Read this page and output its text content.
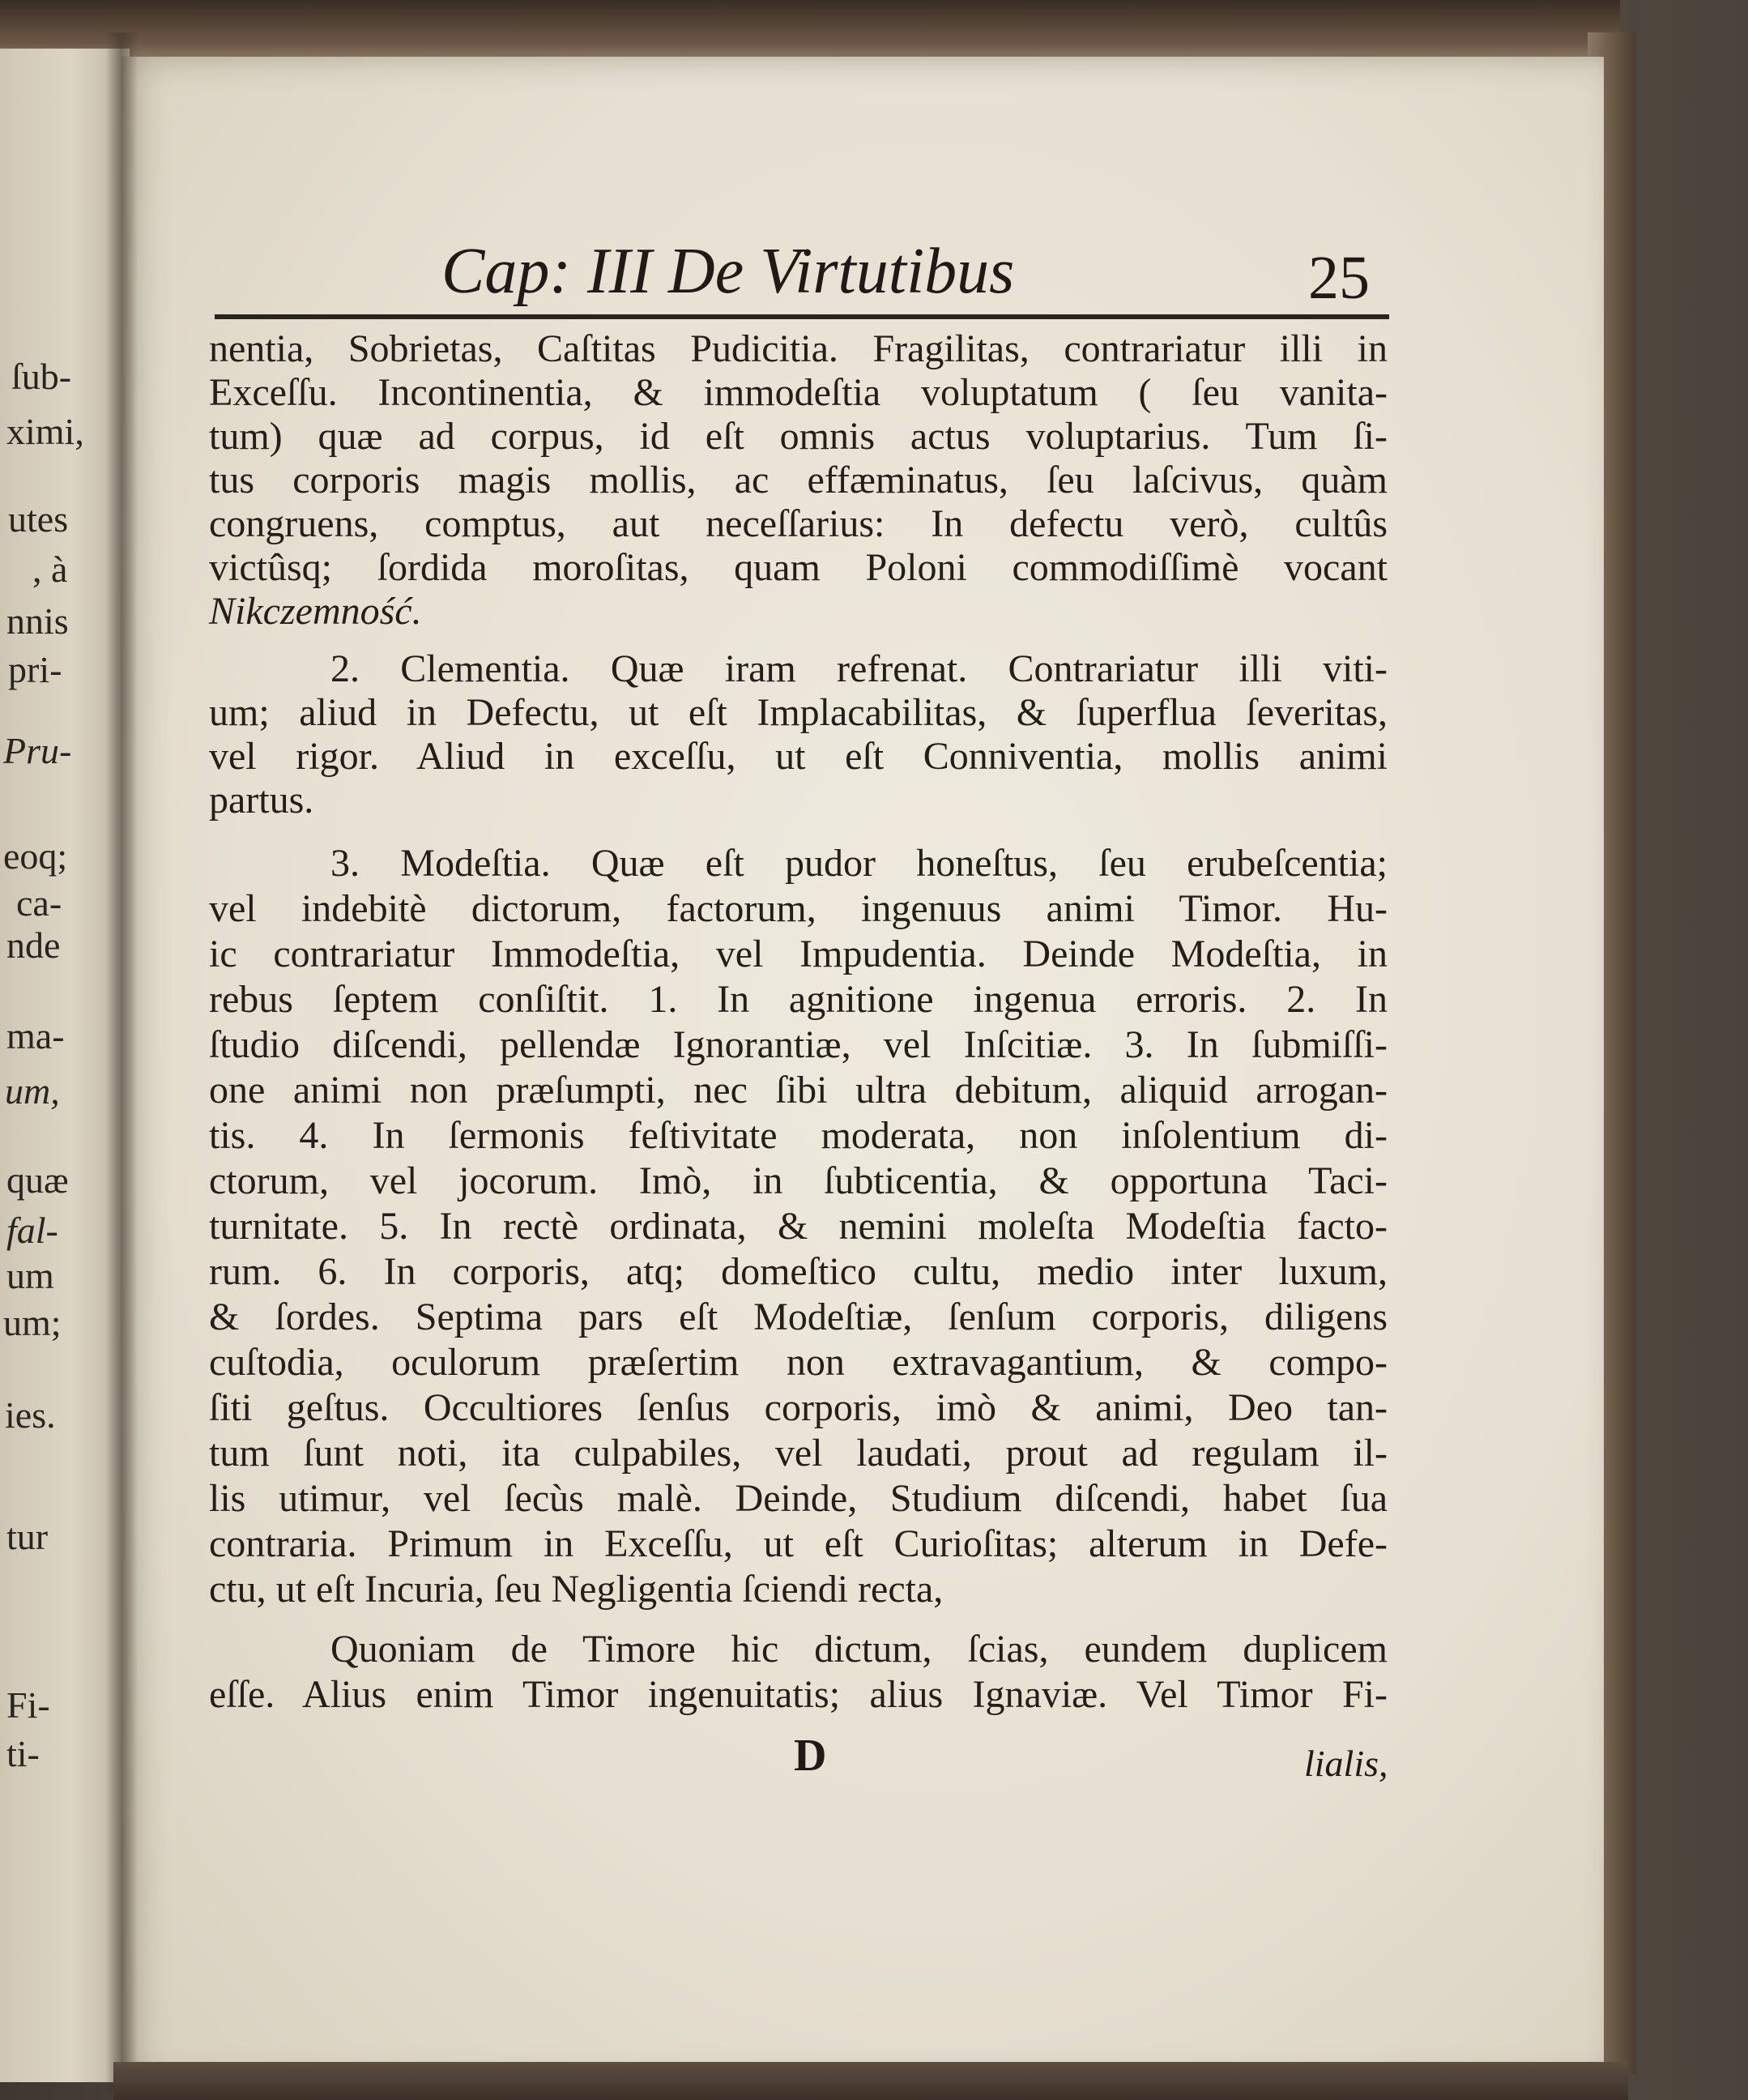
ſub-
ximi,
utes
, à
nnis
pri-
Pru-
eoq;
ca-
nde
ma-
um,
quæ
fal-
um
um;
ies.
tur
Fi-
ti-
Cap: III De Virtutibus	25
nentia, Sobrietas, Caſtitas Pudicitia. Fragilitas, contrariatur illi in
Exceſſu. Incontinentia, & immodeſtia voluptatum ( ſeu vanita-
tum) quæ ad corpus, id eſt omnis actus voluptarius. Tum ſi-
tus corporis magis mollis, ac effæminatus, ſeu laſcivus, quàm
congruens, comptus, aut neceſſarius: In defectu verò, cultûs
victûsq; ſordida moroſitas, quam Poloni commodiſſimè vocant
Nikczemność.
2. Clementia. Quæ iram refrenat. Contrariatur illi viti-
um; aliud in Defectu, ut eſt Implacabilitas, & ſuperflua ſeveritas,
vel rigor. Aliud in exceſſu, ut eſt Conniventia, mollis animi
partus.
3. Modeſtia. Quæ eſt pudor honeſtus, ſeu erubeſcentia;
vel indebitè dictorum, factorum, ingenuus animi Timor. Hu-
ic contrariatur Immodeſtia, vel Impudentia. Deinde Modeſtia, in
rebus ſeptem conſiſtit. 1. In agnitione ingenua erroris. 2. In
ſtudio diſcendi, pellendæ Ignorantiæ, vel Inſcitiæ. 3. In ſubmiſſi-
one animi non præſumpti, nec ſibi ultra debitum, aliquid arrogan-
tis. 4. In ſermonis feſtivitate moderata, non inſolentium di-
ctorum, vel jocorum. Imò, in ſubticentia, & opportuna Taci-
turnitate. 5. In rectè ordinata, & nemini moleſta Modeſtia facto-
rum. 6. In corporis, atq; domeſtico cultu, medio inter luxum,
& ſordes. Septima pars eſt Modeſtiæ, ſenſum corporis, diligens
cuſtodia, oculorum præſertim non extravagantium, & compo-
ſiti geſtus. Occultiores ſenſus corporis, imò & animi, Deo tan-
tum ſunt noti, ita culpabiles, vel laudati, prout ad regulam il-
lis utimur, vel ſecùs malè. Deinde, Studium diſcendi, habet ſua
contraria. Primum in Exceſſu, ut eſt Curioſitas; alterum in Defe-
ctu, ut eſt Incuria, ſeu Negligentia ſciendi recta,
Quoniam de Timore hic dictum, ſcias, eundem duplicem
eſſe. Alius enim Timor ingenuitatis; alius Ignaviæ. Vel Timor Fi-
D	lialis,
